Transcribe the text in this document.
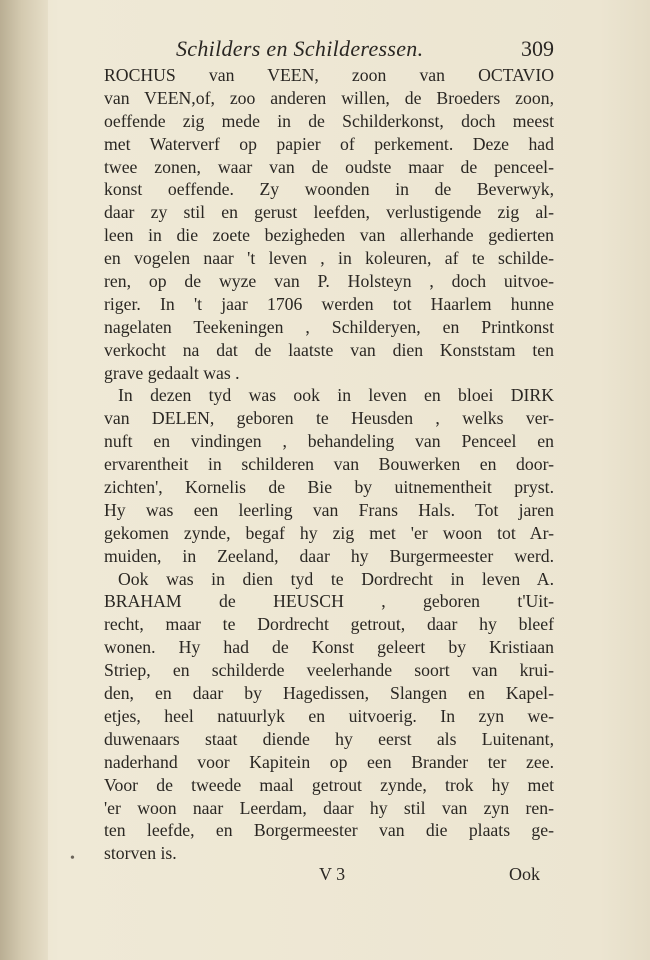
Schilders en Schilderessen.	309
ROCHUS van VEEN, zoon van OCTAVIO
van VEEN,of, zoo anderen willen, de Broeders zoon,
oeffende zig mede in de Schilderkonst, doch meest
met Waterverf op papier of perkement. Deze had
twee zonen, waar van de oudste maar de penceel-
konst oeffende. Zy woonden in de Beverwyk,
daar zy stil en gerust leefden, verlustigende zig al-
leen in die zoete bezigheden van allerhande gedierten
en vogelen naar 't leven , in koleuren, af te schilde-
ren, op de wyze van P. Holsteyn , doch uitvoe-
riger. In 't jaar 1706 werden tot Haarlem hunne
nagelaten Teekeningen , Schilderyen, en Printkonst
verkocht na dat de laatste van dien Konststam ten
grave gedaalt was .
In dezen tyd was ook in leven en bloei DIRK
van DELEN, geboren te Heusden , welks ver-
nuft en vindingen , behandeling van Penceel en
ervarentheit in schilderen van Bouwerken en door-
zichten', Kornelis de Bie by uitnementheit pryst.
Hy was een leerling van Frans Hals. Tot jaren
gekomen zynde, begaf hy zig met 'er woon tot Ar-
muiden, in Zeeland, daar hy Burgermeester werd.
Ook was in dien tyd te Dordrecht in leven A.
BRAHAM de HEUSCH , geboren t'Uit-
recht, maar te Dordrecht getrout, daar hy bleef
wonen. Hy had de Konst geleert by Kristiaan
Striep, en schilderde veelerhande soort van krui-
den, en daar by Hagedissen, Slangen en Kapel-
etjes, heel natuurlyk en uitvoerig. In zyn we-
duwenaars staat diende hy eerst als Luitenant,
naderhand voor Kapitein op een Brander ter zee.
Voor de tweede maal getrout zynde, trok hy met
'er woon naar Leerdam, daar hy stil van zyn ren-
ten leefde, en Borgermeester van die plaats ge-
storven is.
•
V 3	Ook
